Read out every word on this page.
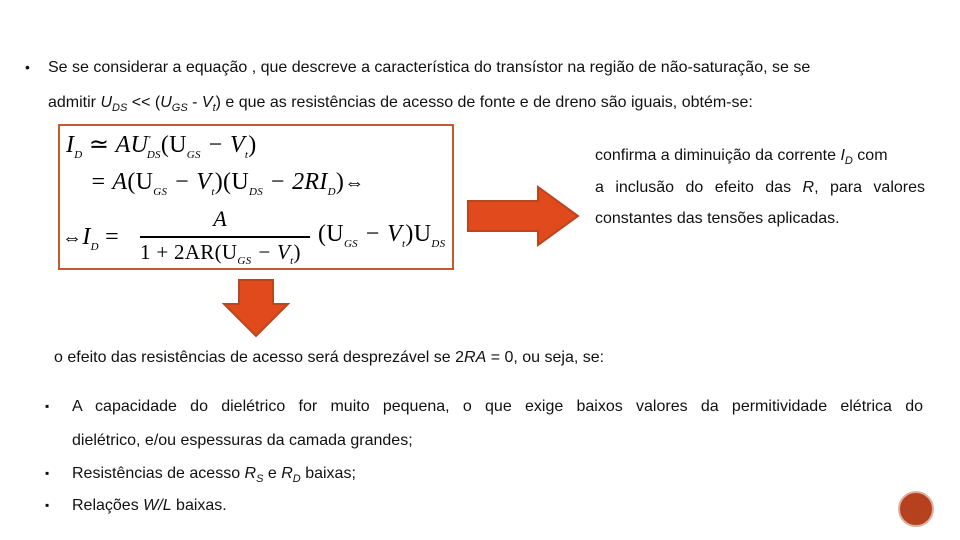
• Se se considerar a equação , que descreve a característica do transístor na região de não-saturação, se se
admitir $U_{DS} << (U_{GS} - V_t)$ e que as resistências de acesso de fonte e de dreno são iguais, obtém-se:
$I_D$ ≃ $AU'_{DS}(U_{GS} - V_t)$
= $A(U_{GS} - V_t)(U_{DS}$ − $2RI_D)\Leftrightarrow$
$\Leftrightarrow I_D$ =
A
$1 + 2AR(U_{GS} - V_t)$
$(U_{GS} - V_t)U_{DS}$
confirma a diminuição da corrente $I_D$ com
a inclusão do efeito das R, para valores
constantes das tensões aplicadas.
o efeito das resistências de acesso será desprezável se 2RA = 0, ou seja, se:
▪ A capacidade do dielétrico for muito pequena, o que exige baixos valores da permitividade elétrica do
dielétrico, e/ou espessuras da camada grandes;
▪ Resistências de acesso $R_S$ e $R_D$ baixas;
▪ Relações W/L baixas.
